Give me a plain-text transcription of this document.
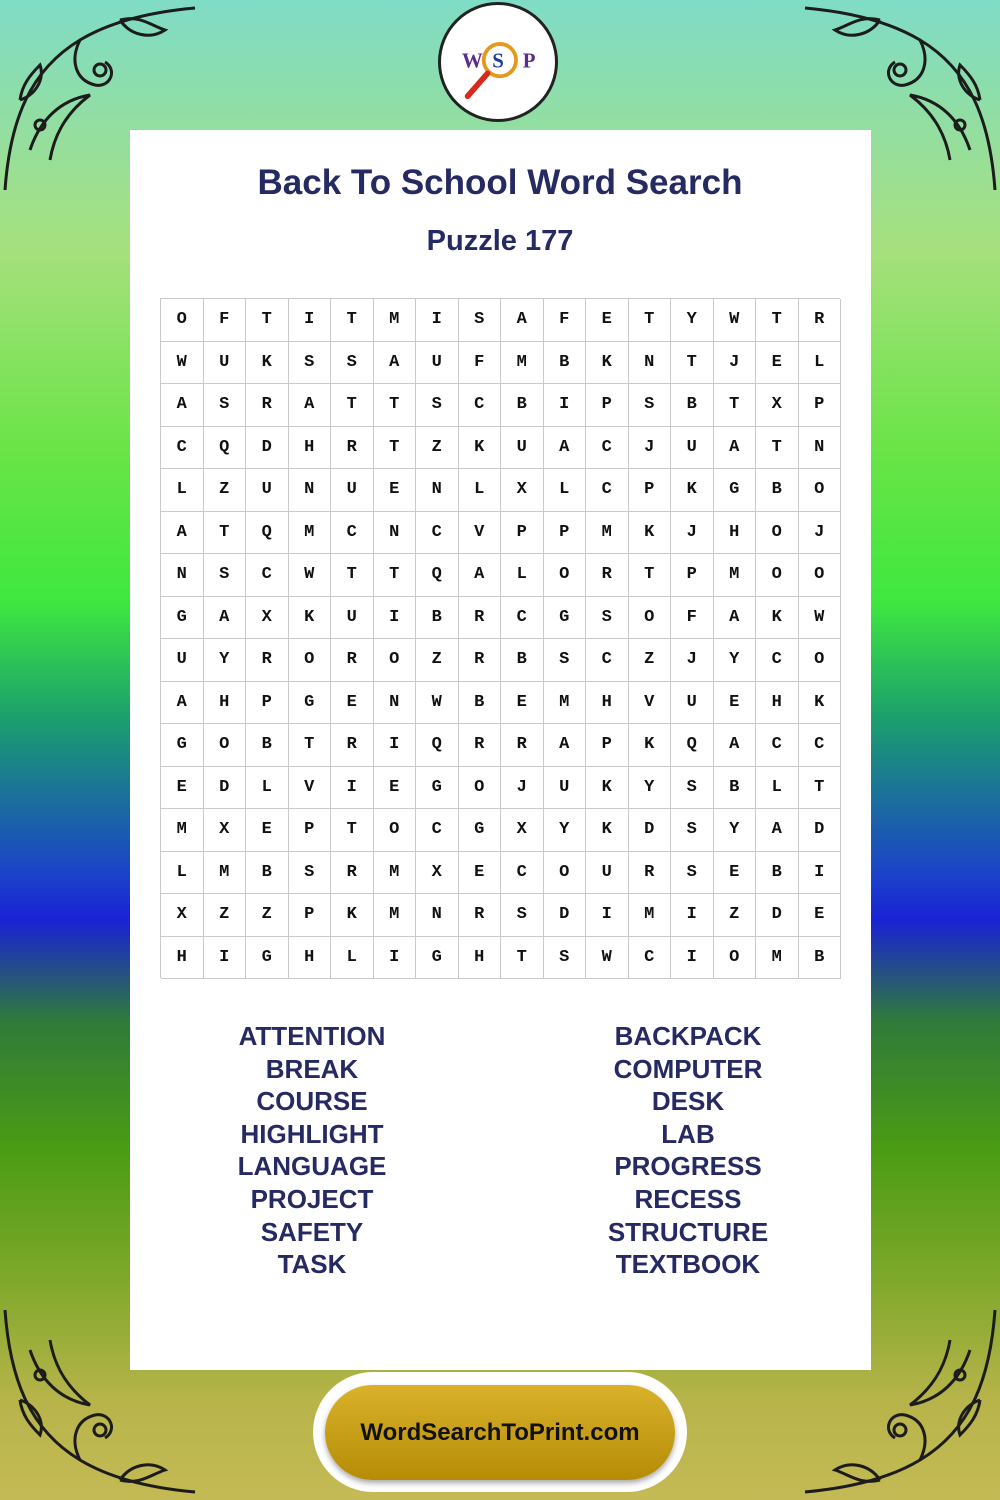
W S P
Back To School Word Search
Puzzle 177
O	F	T	I	T	M	I	S	A	F	E	T	Y	W	T	R
W	U	K	S	S	A	U	F	M	B	K	N	T	J	E	L
A	S	R	A	T	T	S	C	B	I	P	S	B	T	X	P
C	Q	D	H	R	T	Z	K	U	A	C	J	U	A	T	N
L	Z	U	N	U	E	N	L	X	L	C	P	K	G	B	O
A	T	Q	M	C	N	C	V	P	P	M	K	J	H	O	J
N	S	C	W	T	T	Q	A	L	O	R	T	P	M	O	O
G	A	X	K	U	I	B	R	C	G	S	O	F	A	K	W
U	Y	R	O	R	O	Z	R	B	S	C	Z	J	Y	C	O
A	H	P	G	E	N	W	B	E	M	H	V	U	E	H	K
G	O	B	T	R	I	Q	R	R	A	P	K	Q	A	C	C
E	D	L	V	I	E	G	O	J	U	K	Y	S	B	L	T
M	X	E	P	T	O	C	G	X	Y	K	D	S	Y	A	D
L	M	B	S	R	M	X	E	C	O	U	R	S	E	B	I
X	Z	Z	P	K	M	N	R	S	D	I	M	I	Z	D	E
H	I	G	H	L	I	G	H	T	S	W	C	I	O	M	B
ATTENTION
BREAK
COURSE
HIGHLIGHT
LANGUAGE
PROJECT
SAFETY
TASK
BACKPACK
COMPUTER
DESK
LAB
PROGRESS
RECESS
STRUCTURE
TEXTBOOK
WordSearchToPrint.com
